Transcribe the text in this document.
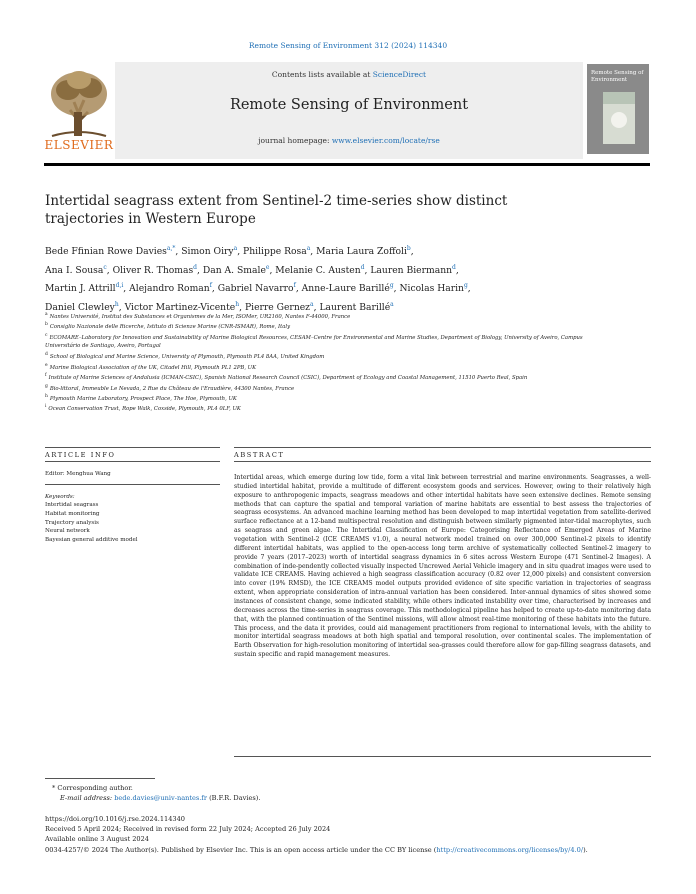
Remote Sensing of Environment 312 (2024) 114340
ELSEVIER
Contents lists available at ScienceDirect
Remote Sensing of Environment
journal homepage: www.elsevier.com/locate/rse
Remote Sensing of Environment
Intertidal seagrass extent from Sentinel-2 time-series show distinct
trajectories in Western Europe
Bede Ffinian Rowe Davies$^{a,*}$, Simon Oiry$^a$, Philippe Rosa$^a$, Maria Laura Zoffoli$^b$,
Ana I. Sousa$^c$, Oliver R. Thomas$^d$, Dan A. Smale$^e$, Melanie C. Austen$^d$, Lauren Biermann$^d$,
Martin J. Attrill$^{d,i}$, Alejandro Roman$^f$, Gabriel Navarro$^f$, Anne-Laure Barillé$^g$, Nicolas Harin$^g$,
Daniel Clewley$^h$, Victor Martinez-Vicente$^h$, Pierre Gernez$^a$, Laurent Barillé$^a$
$^a$ Nantes Université, Institut des Substances et Organismes de la Mer, ISOMer, UR2160, Nantes F-44000, France
$^b$ Consiglio Nazionale delle Ricerche, Istituto di Scienze Marine (CNR-ISMAR), Rome, Italy
$^c$ ECOMARE–Laboratory for Innovation and Sustainability of Marine Biological Resources, CESAM–Centre for Environmental and Marine Studies, Department of Biology, University of Aveiro, Campus Universitário de Santiago, Aveiro, Portugal
$^d$ School of Biological and Marine Science, University of Plymouth, Plymouth PL4 8AA, United Kingdom
$^e$ Marine Biological Association of the UK, Citadel Hill, Plymouth PL1 2PB, UK
$^f$ Institute of Marine Sciences of Andalusia (ICMAN-CSIC), Spanish National Research Council (CSIC), Department of Ecology and Coastal Management, 11510 Puerto Real, Spain
$^g$ Bio-littoral, Immeuble Le Nevada, 2 Rue du Château de l'Eraudière, 44300 Nantes, France
$^h$ Plymouth Marine Laboratory, Prospect Place, The Hoe, Plymouth, UK
$^i$ Ocean Conservation Trust, Rope Walk, Coxside, Plymouth, PL4 0LF, UK
ARTICLE INFO	ABSTRACT
Editor: Menghua Wang
Keywords:
Intertidal seagrass
Habitat monitoring
Trajectory analysis
Neural network
Bayesian general additive model
Intertidal areas, which emerge during low tide, form a vital link between terrestrial and marine environments. Seagrasses, a well-studied intertidal habitat, provide a multitude of different ecosystem goods and services. However, owing to their relatively high exposure to anthropogenic impacts, seagrass meadows and other intertidal habitats have seen extensive declines. Remote sensing methods that can capture the spatial and temporal variation of marine habitats are essential to best assess the trajectories of seagrass ecosystems. An advanced machine learning method has been developed to map intertidal vegetation from satellite-derived surface reflectance at a 12-band multispectral resolution and distinguish between similarly pigmented inter-tidal macrophytes, such as seagrass and green algae. The Intertidal Classification of Europe: Categorising Reflectance of Emerged Areas of Marine vegetation with Sentinel-2 (ICE CREAMS v1.0), a neural network model trained on over 300,000 Sentinel-2 pixels to identify different intertidal habitats, was applied to the open-access long term archive of systematically collected Sentinel-2 imagery to provide 7 years (2017–2023) worth of intertidal seagrass dynamics in 6 sites across Western Europe (471 Sentinel-2 Images). A combination of inde-pendently collected visually inspected Uncrewed Aerial Vehicle imagery and in situ quadrat images were used to validate ICE CREAMS. Having achieved a high seagrass classification accuracy (0.82 over 12,000 pixels) and consistent conversion into cover (19% RMSD), the ICE CREAMS model outputs provided evidence of site specific variation in trajectories of seagrass extent, when appropriate consideration of intra-annual variation has been considered. Inter-annual dynamics of sites showed some instances of consistent change, some indicated stability, while others indicated instability over time, characterised by increases and decreases across the time-series in seagrass coverage. This methodological pipeline has helped to create up-to-date monitoring data that, with the planned continuation of the Sentinel missions, will allow almost real-time monitoring of these habitats into the future. This process, and the data it provides, could aid management practitioners from regional to international levels, with the ability to monitor intertidal seagrass meadows at both high spatial and temporal resolution, over continental scales. The implementation of Earth Observation for high-resolution monitoring of intertidal sea-grasses could therefore allow for gap-filling seagrass datasets, and sustain specific and rapid management measures.
* Corresponding author.
E-mail address: bede.davies@univ-nantes.fr (B.F.R. Davies).
https://doi.org/10.1016/j.rse.2024.114340
Received 5 April 2024; Received in revised form 22 July 2024; Accepted 26 July 2024
Available online 3 August 2024
0034-4257/© 2024 The Author(s). Published by Elsevier Inc. This is an open access article under the CC BY license (http://creativecommons.org/licenses/by/4.0/).
